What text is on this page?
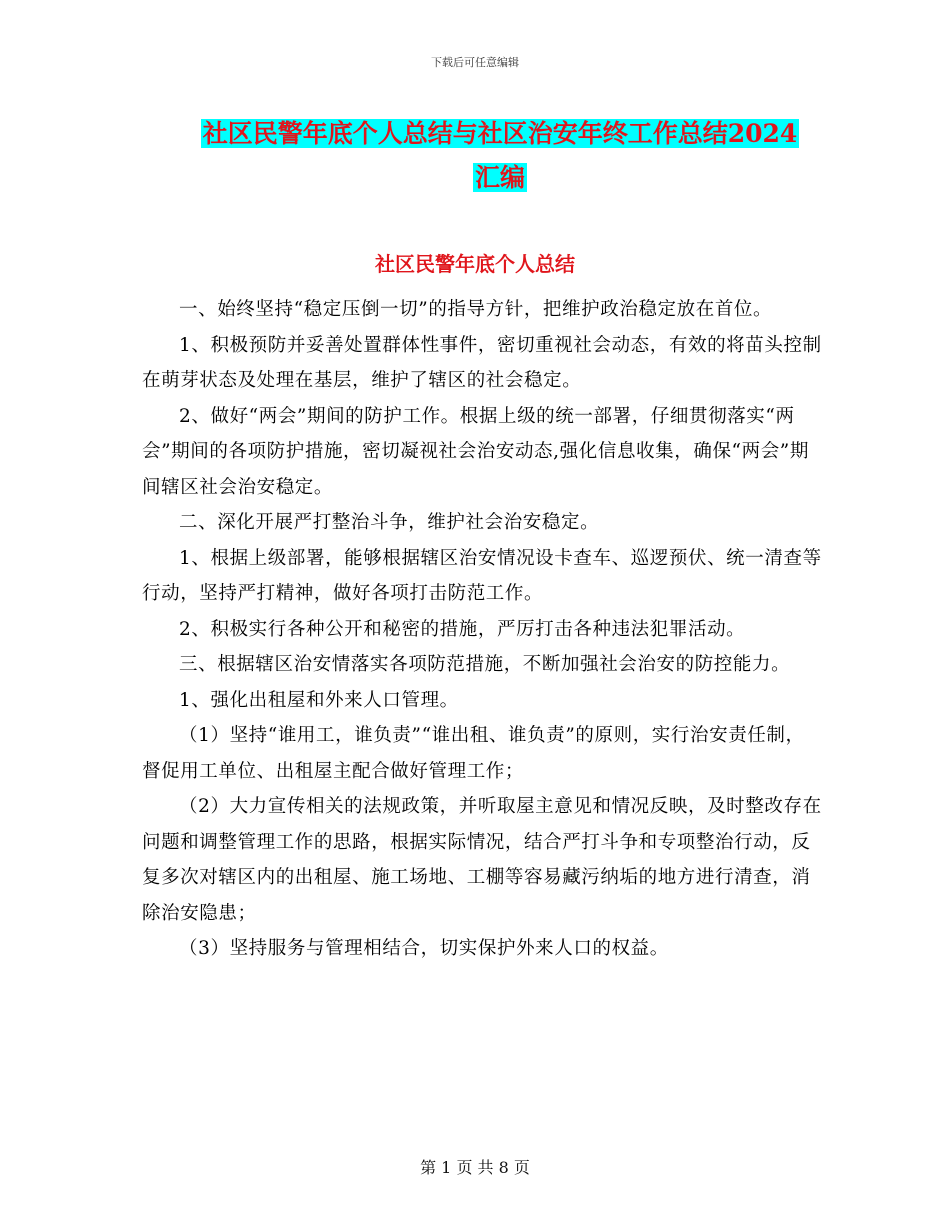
下载后可任意编辑
社区民警年底个人总结与社区治安年终工作总结2024
汇编
社区民警年底个人总结

一、始终坚持“稳定压倒一切”的指导方针，把维护政治稳定放在首位。

1、积极预防并妥善处置群体性事件，密切重视社会动态，有效的将苗头控制在萌芽状态及处理在基层，维护了辖区的社会稳定。

2、做好“两会”期间的防护工作。根据上级的统一部署，仔细贯彻落实“两会”期间的各项防护措施，密切凝视社会治安动态,强化信息收集，确保“两会”期间辖区社会治安稳定。

二、深化开展严打整治斗争，维护社会治安稳定。

1、根据上级部署，能够根据辖区治安情况设卡查车、巡逻预伏、统一清查等行动，坚持严打精神，做好各项打击防范工作。

2、积极实行各种公开和秘密的措施，严厉打击各种违法犯罪活动。

三、根据辖区治安情落实各项防范措施，不断加强社会治安的防控能力。

1、强化出租屋和外来人口管理。

（1）坚持“谁用工，谁负责”“谁出租、谁负责”的原则，实行治安责任制，督促用工单位、出租屋主配合做好管理工作；

（2）大力宣传相关的法规政策，并听取屋主意见和情况反映，及时整改存在问题和调整管理工作的思路，根据实际情况，结合严打斗争和专项整治行动，反复多次对辖区内的出租屋、施工场地、工棚等容易藏污纳垢的地方进行清查，消除治安隐患；

（3）坚持服务与管理相结合，切实保护外来人口的权益。

第 1 页 共 8 页
